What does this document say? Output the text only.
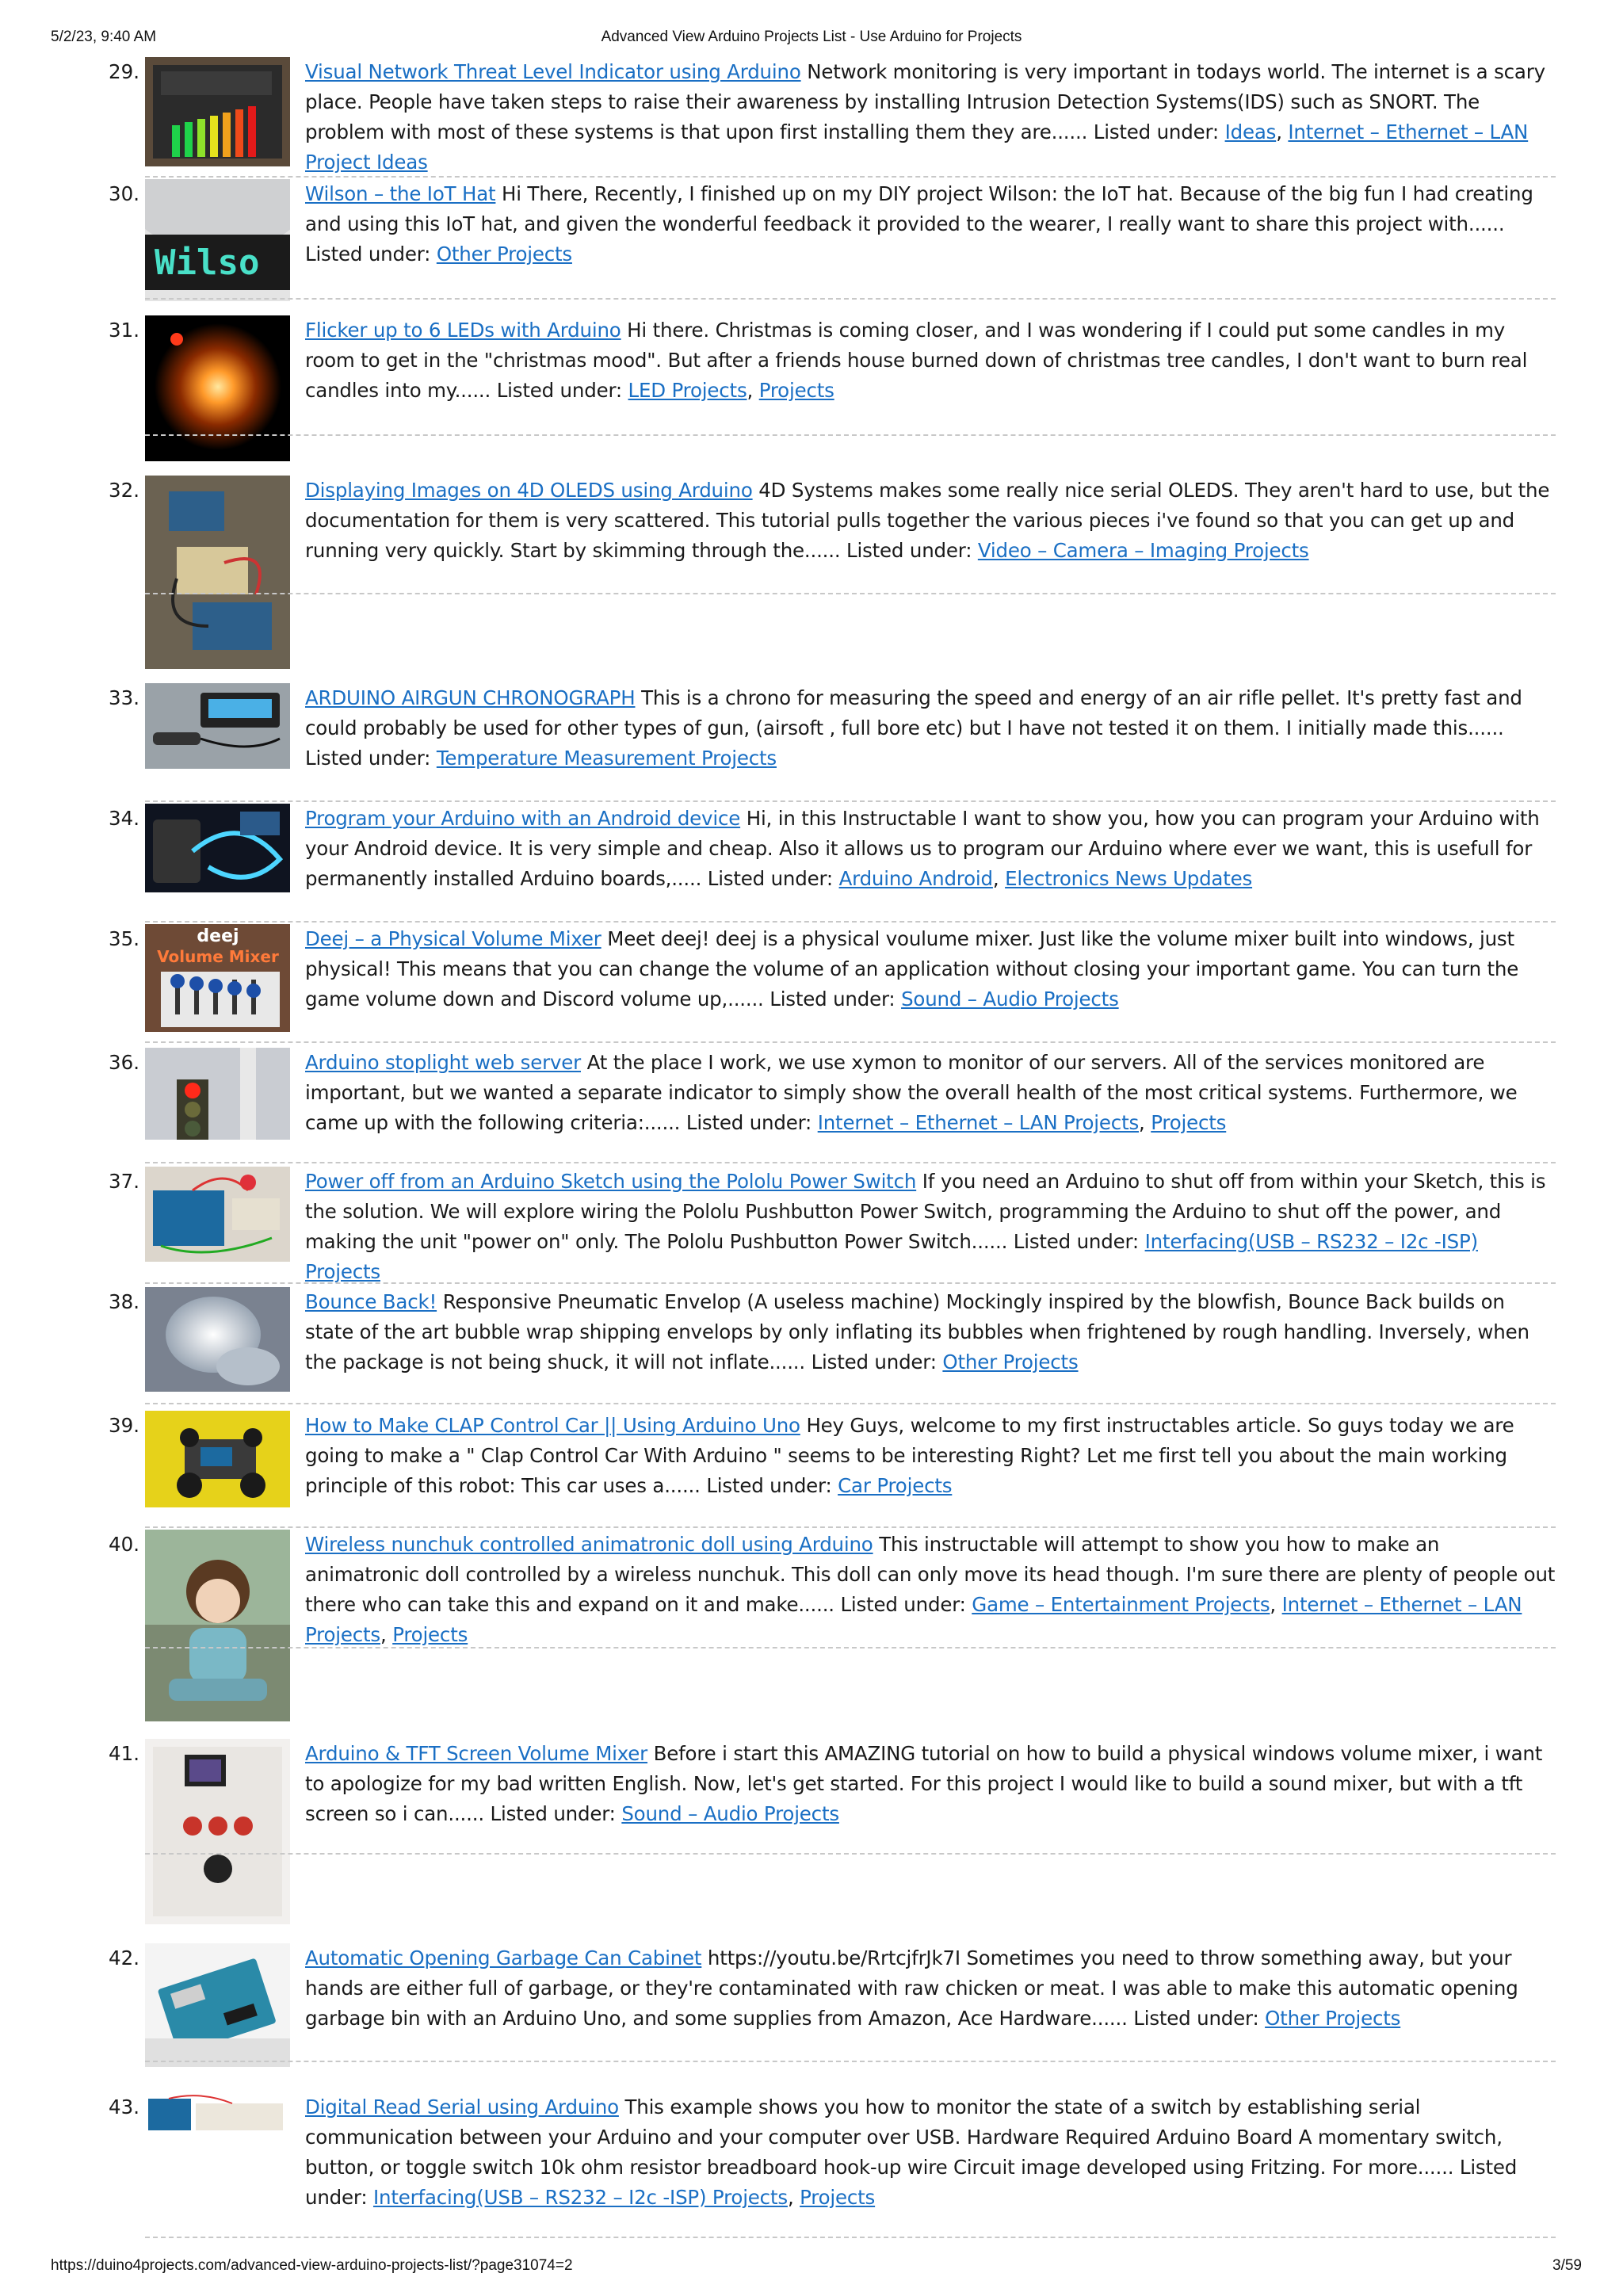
5/2/23, 9:40 AM	Advanced View Arduino Projects List - Use Arduino for Projects
29.	Visual Network Threat Level Indicator using Arduino Network monitoring is very important in todays world. The internet is a scary place. People have taken steps to raise their awareness by installing Intrusion Detection Systems(IDS) such as SNORT. The problem with most of these systems is that upon first installing them they are...... Listed under: Ideas, Internet – Ethernet – LAN Project Ideas
30.
Wilso
Wilson – the IoT Hat Hi There, Recently, I finished up on my DIY project Wilson: the IoT hat. Because of the big fun I had creating and using this IoT hat, and given the wonderful feedback it provided to the wearer, I really want to share this project with...... Listed under: Other Projects
31.	Flicker up to 6 LEDs with Arduino Hi there. Christmas is coming closer, and I was wondering if I could put some candles in my room to get in the "christmas mood". But after a friends house burned down of christmas tree candles, I don't want to burn real candles into my...... Listed under: LED Projects, Projects
32.	Displaying Images on 4D OLEDS using Arduino 4D Systems makes some really nice serial OLEDS. They aren't hard to use, but the documentation for them is very scattered. This tutorial pulls together the various pieces i've found so that you can get up and running very quickly. Start by skimming through the...... Listed under: Video – Camera – Imaging Projects
33.	ARDUINO AIRGUN CHRONOGRAPH This is a chrono for measuring the speed and energy of an air rifle pellet. It's pretty fast and could probably be used for other types of gun, (airsoft , full bore etc) but I have not tested it on them. I initially made this...... Listed under: Temperature Measurement Projects
34.	Program your Arduino with an Android device Hi, in this Instructable I want to show you, how you can program your Arduino with your Android device. It is very simple and cheap. Also it allows us to program our Arduino where ever we want, this is usefull for permanently installed Arduino boards,..... Listed under: Arduino Android, Electronics News Updates
35.	deej
Volume Mixer
Deej – a Physical Volume Mixer Meet deej! deej is a physical voulume mixer. Just like the volume mixer built into windows, just physical! This means that you can change the volume of an application without closing your important game. You can turn the game volume down and Discord volume up,...... Listed under: Sound – Audio Projects
36.	Arduino stoplight web server At the place I work, we use xymon to monitor of our servers. All of the services monitored are important, but we wanted a separate indicator to simply show the overall health of the most critical systems. Furthermore, we came up with the following criteria:...... Listed under: Internet – Ethernet – LAN Projects, Projects
37.	Power off from an Arduino Sketch using the Pololu Power Switch If you need an Arduino to shut off from within your Sketch, this is the solution. We will explore wiring the Pololu Pushbutton Power Switch, programming the Arduino to shut off the power, and making the unit "power on" only. The Pololu Pushbutton Power Switch...... Listed under: Interfacing(USB – RS232 – I2c -ISP) Projects
38.	Bounce Back! Responsive Pneumatic Envelop (A useless machine) Mockingly inspired by the blowfish, Bounce Back builds on state of the art bubble wrap shipping envelops by only inflating its bubbles when frightened by rough handling. Inversely, when the package is not being shuck, it will not inflate...... Listed under: Other Projects
39.	How to Make CLAP Control Car || Using Arduino Uno Hey Guys, welcome to my first instructables article. So guys today we are going to make a " Clap Control Car With Arduino " seems to be interesting Right? Let me first tell you about the main working principle of this robot: This car uses a...... Listed under: Car Projects
40.	Wireless nunchuk controlled animatronic doll using Arduino This instructable will attempt to show you how to make an animatronic doll controlled by a wireless nunchuk. This doll can only move its head though. I'm sure there are plenty of people out there who can take this and expand on it and make...... Listed under: Game – Entertainment Projects, Internet – Ethernet – LAN Projects, Projects
41.	Arduino & TFT Screen Volume Mixer Before i start this AMAZING tutorial on how to build a physical windows volume mixer, i want to apologize for my bad written English. Now, let's get started. For this project I would like to build a sound mixer, but with a tft screen so i can...... Listed under: Sound – Audio Projects
42.	Automatic Opening Garbage Can Cabinet https://youtu.be/RrtcjfrJk7I Sometimes you need to throw something away, but your hands are either full of garbage, or they're contaminated with raw chicken or meat. I was able to make this automatic opening garbage bin with an Arduino Uno, and some supplies from Amazon, Ace Hardware...... Listed under: Other Projects
43.	Digital Read Serial using Arduino This example shows you how to monitor the state of a switch by establishing serial communication between your Arduino and your computer over USB. Hardware Required Arduino Board A momentary switch, button, or toggle switch 10k ohm resistor breadboard hook-up wire Circuit image developed using Fritzing. For more...... Listed under: Interfacing(USB – RS232 – I2c -ISP) Projects, Projects
https://duino4projects.com/advanced-view-arduino-projects-list/?page31074=2	3/59
